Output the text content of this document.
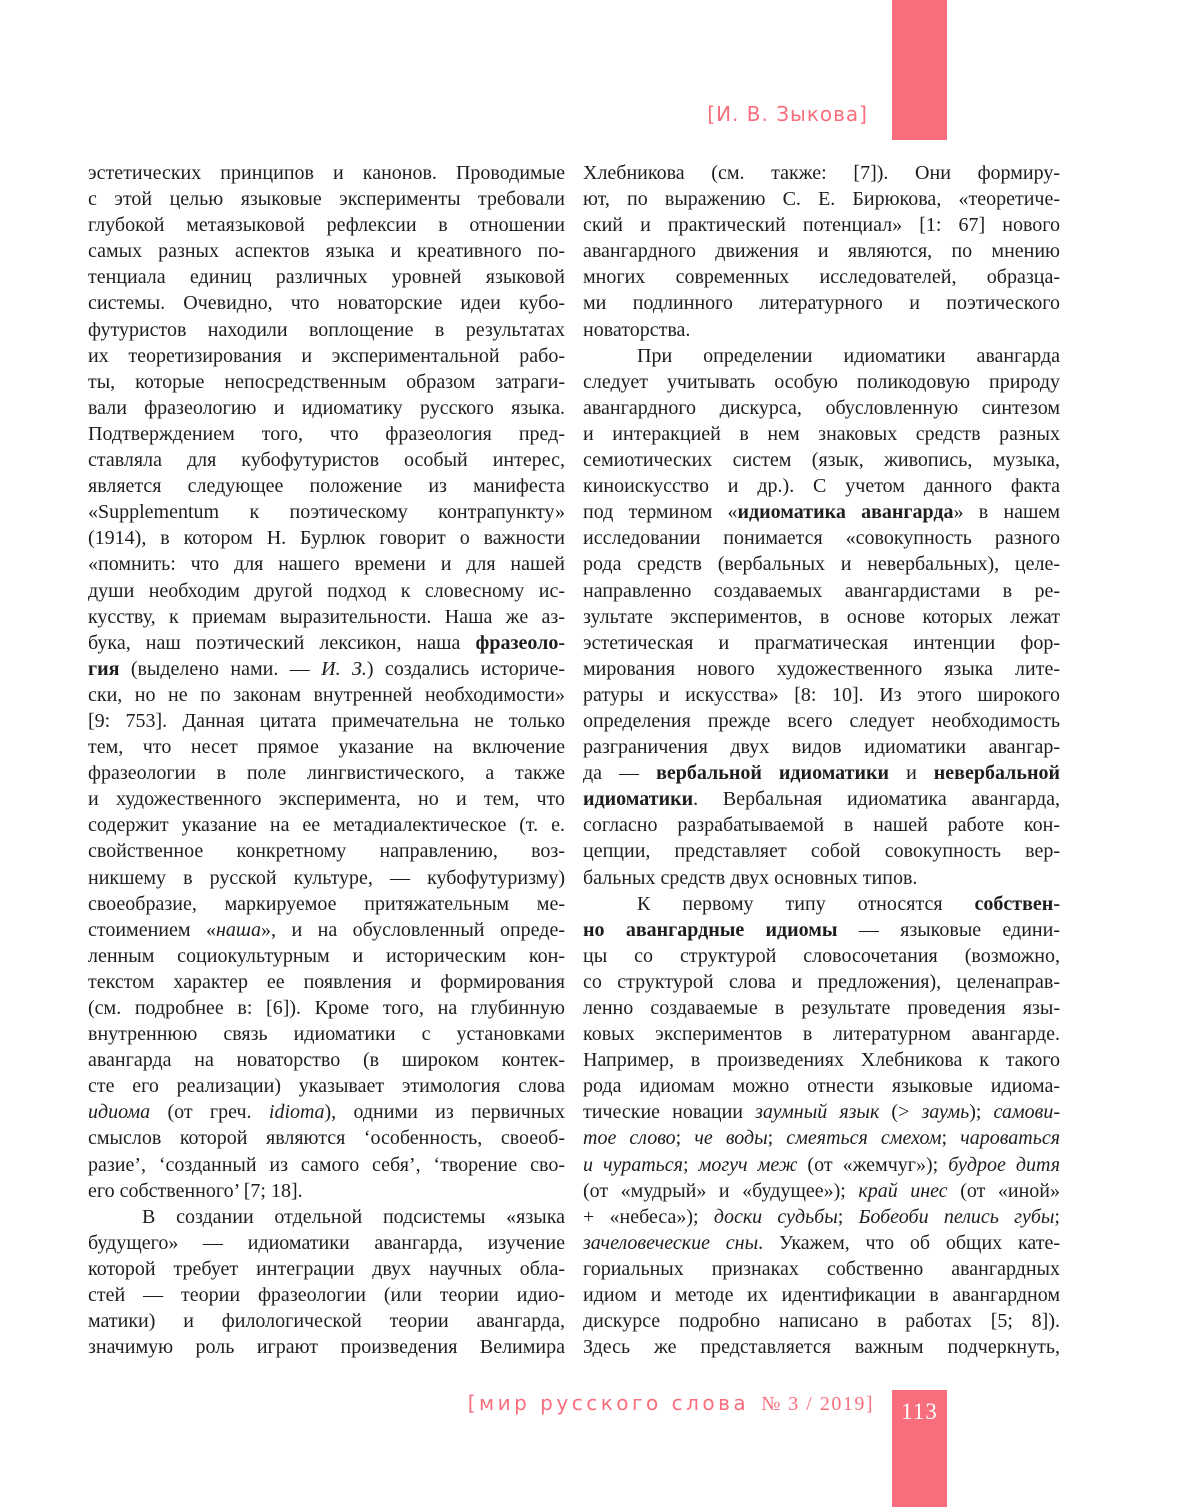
[И. В. Зыкова]
эстетических принципов и канонов. Проводимые
с этой целью языковые эксперименты требовали
глубокой метаязыковой рефлексии в отношении
самых разных аспектов языка и креативного по-
тенциала единиц различных уровней языковой
системы. Очевидно, что новаторские идеи кубо-
футуристов находили воплощение в результатах
их теоретизирования и экспериментальной рабо-
ты, которые непосредственным образом затраги-
вали фразеологию и идиоматику русского языка.
Подтверждением того, что фразеология пред-
ставляла для кубофутуристов особый интерес,
является следующее положение из манифеста
«Supplementum к поэтическому контрапункту»
(1914), в котором Н. Бурлюк говорит о важности
«помнить: что для нашего времени и для нашей
души необходим другой подход к словесному ис-
кусству, к приемам выразительности. Наша же аз-
бука, наш поэтический лексикон, наша фразеоло-
гия (выделено нами. — И. З.) создались историче-
ски, но не по законам внутренней необходимости»
[9: 753]. Данная цитата примечательна не только
тем, что несет прямое указание на включение
фразеологии в поле лингвистического, а также
и художественного эксперимента, но и тем, что
содержит указание на ее метадиалектическое (т. е.
свойственное конкретному направлению, воз-
никшему в русской культуре, — кубофутуризму)
своеобразие, маркируемое притяжательным ме-
стоимением «наша», и на обусловленный опреде-
ленным социокультурным и историческим кон-
текстом характер ее появления и формирования
(см. подробнее в: [6]). Кроме того, на глубинную
внутреннюю связь идиоматики с установками
авангарда на новаторство (в широком контек-
сте его реализации) указывает этимология слова
идиома (от греч. idioma), одними из первичных
смыслов которой являются ‘особенность, своеоб-
разие’, ‘созданный из самого себя’, ‘творение сво-
его собственного’ [7; 18].
В создании отдельной подсистемы «языка
будущего» — идиоматики авангарда, изучение
которой требует интеграции двух научных обла-
стей — теории фразеологии (или теории идио-
матики) и филологической теории авангарда,
значимую роль играют произведения Велимира
Хлебникова (см. также: [7]). Они формиру-
ют, по выражению С. Е. Бирюкова, «теоретиче-
ский и практический потенциал» [1: 67] нового
авангардного движения и являются, по мнению
многих современных исследователей, образца-
ми подлинного литературного и поэтического
новаторства.
При определении идиоматики авангарда
следует учитывать особую поликодовую природу
авангардного дискурса, обусловленную синтезом
и интеракцией в нем знаковых средств разных
семиотических систем (язык, живопись, музыка,
киноискусство и др.). С учетом данного факта
под термином «идиоматика авангарда» в нашем
исследовании понимается «совокупность разного
рода средств (вербальных и невербальных), целе-
направленно создаваемых авангардистами в ре-
зультате экспериментов, в основе которых лежат
эстетическая и прагматическая интенции фор-
мирования нового художественного языка лите-
ратуры и искусства» [8: 10]. Из этого широкого
определения прежде всего следует необходимость
разграничения двух видов идиоматики авангар-
да — вербальной идиоматики и невербальной
идиоматики. Вербальная идиоматика авангарда,
согласно разрабатываемой в нашей работе кон-
цепции, представляет собой совокупность вер-
бальных средств двух основных типов.
К первому типу относятся собствен-
но авангардные идиомы — языковые едини-
цы со структурой словосочетания (возможно,
со структурой слова и предложения), целенаправ-
ленно создаваемые в результате проведения язы-
ковых экспериментов в литературном авангарде.
Например, в произведениях Хлебникова к такого
рода идиомам можно отнести языковые идиома-
тические новации заумный язык (> заумь); самови-
тое слово; че воды; смеяться смехом; чароваться
и чураться; могуч меж (от «жемчуг»); будрое дитя
(от «мудрый» и «будущее»); край инес (от «иной»
+ «небеса»); доски судьбы; Бобеоби пелись губы;
зачеловеческие сны. Укажем, что об общих кате-
гориальных признаках собственно авангардных
идиом и методе их идентификации в авангардном
дискурсе подробно написано в работах [5; 8]).
Здесь же представляется важным подчеркнуть,
[мир русского слова № 3 / 2019]	113
